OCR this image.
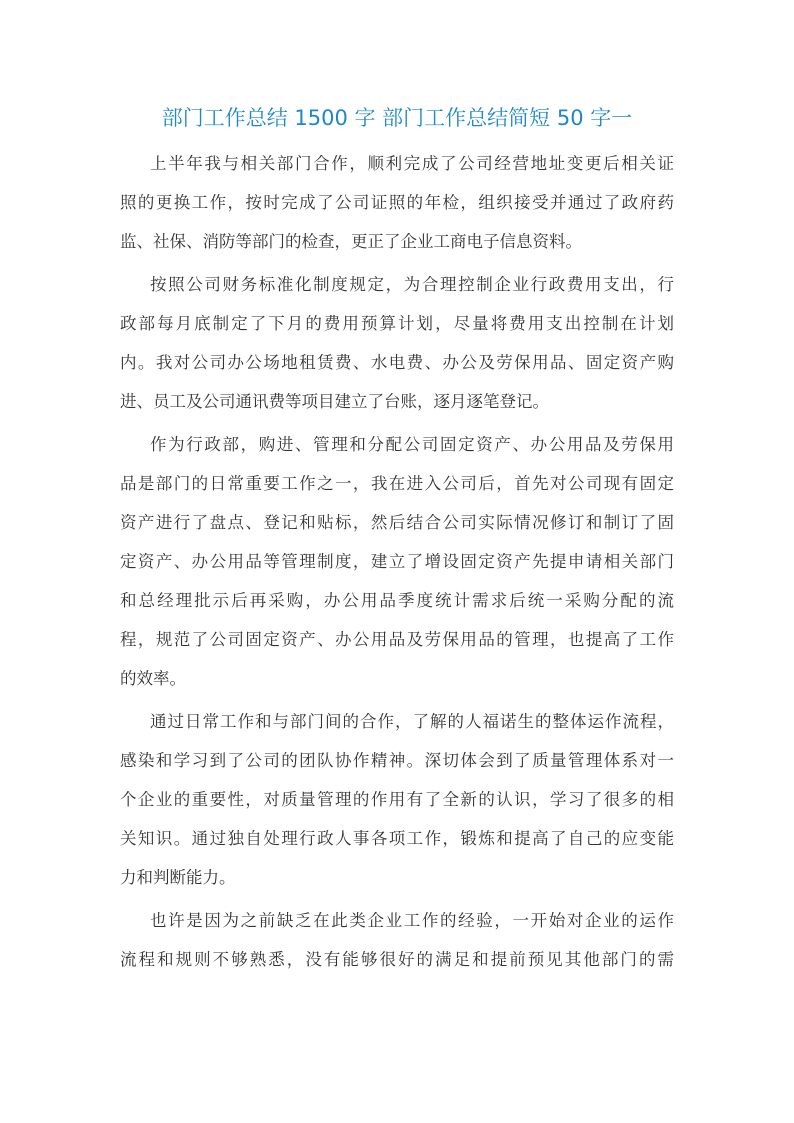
部门工作总结 1500 字 部门工作总结简短 50 字一
上半年我与相关部门合作，顺利完成了公司经营地址变更后相关证
照的更换工作，按时完成了公司证照的年检，组织接受并通过了政府药
监、社保、消防等部门的检查，更正了企业工商电子信息资料。
按照公司财务标准化制度规定，为合理控制企业行政费用支出，行
政部每月底制定了下月的费用预算计划，尽量将费用支出控制在计划
内。我对公司办公场地租赁费、水电费、办公及劳保用品、固定资产购
进、员工及公司通讯费等项目建立了台账，逐月逐笔登记。
作为行政部，购进、管理和分配公司固定资产、办公用品及劳保用
品是部门的日常重要工作之一，我在进入公司后，首先对公司现有固定
资产进行了盘点、登记和贴标，然后结合公司实际情况修订和制订了固
定资产、办公用品等管理制度，建立了增设固定资产先提申请相关部门
和总经理批示后再采购，办公用品季度统计需求后统一采购分配的流
程，规范了公司固定资产、办公用品及劳保用品的管理，也提高了工作
的效率。
通过日常工作和与部门间的合作，了解的人福诺生的整体运作流程，
感染和学习到了公司的团队协作精神。深切体会到了质量管理体系对一
个企业的重要性，对质量管理的作用有了全新的认识，学习了很多的相
关知识。通过独自处理行政人事各项工作，锻炼和提高了自己的应变能
力和判断能力。
也许是因为之前缺乏在此类企业工作的经验，一开始对企业的运作
流程和规则不够熟悉，没有能够很好的满足和提前预见其他部门的需
